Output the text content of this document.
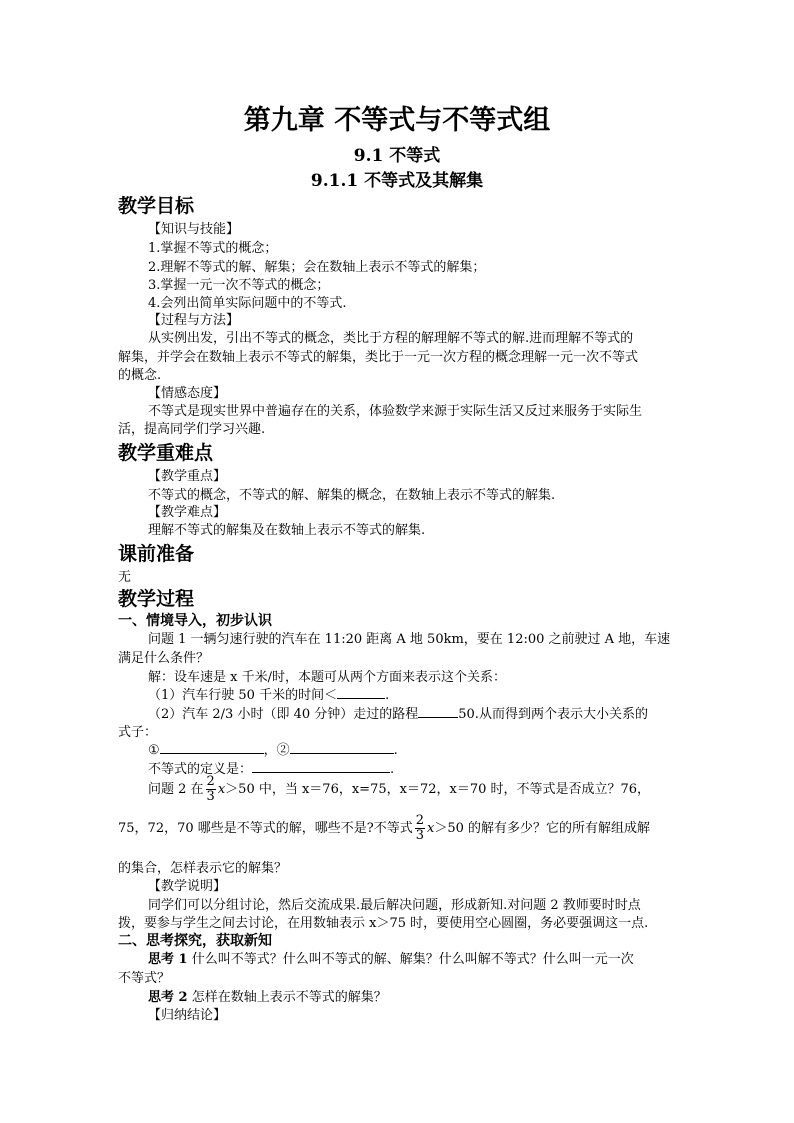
第九章 不等式与不等式组
9.1 不等式
9.1.1 不等式及其解集
教学目标
【知识与技能】
1.掌握不等式的概念；
2.理解不等式的解、解集；会在数轴上表示不等式的解集；
3.掌握一元一次不等式的概念；
4.会列出简单实际问题中的不等式.
【过程与方法】
从实例出发，引出不等式的概念，类比于方程的解理解不等式的解.进而理解不等式的
解集，并学会在数轴上表示不等式的解集，类比于一元一次方程的概念理解一元一次不等式
的概念.
【情感态度】
不等式是现实世界中普遍存在的关系，体验数学来源于实际生活又反过来服务于实际生
活，提高同学们学习兴趣.
教学重难点
【教学重点】
不等式的概念，不等式的解、解集的概念，在数轴上表示不等式的解集.
【教学难点】
理解不等式的解集及在数轴上表示不等式的解集.
课前准备
无
教学过程
一、情境导入，初步认识
问题 1 一辆匀速行驶的汽车在 11:20 距离 A 地 50km，要在 12:00 之前驶过 A 地，车速
满足什么条件？
解：设车速是 x 千米/时，本题可从两个方面来表示这个关系：
（1）汽车行驶 50 千米的时间＜	.
（2）汽车 2/3 小时（即 40 分钟）走过的路程	50.从而得到两个表示大小关系的
式子：
①	，②	.
不等式的定义是：	.
问题 2 在 $\frac{2}{3} x>50$ 中，当 x＝76，x=75，x＝72，x＝70 时，不等式是否成立？76，
75，72，70 哪些是不等式的解，哪些不是?不等式 $\frac{2}{3} x>50$ 的解有多少？它的所有解组成解
的集合，怎样表示它的解集？
【教学说明】
同学们可以分组讨论，然后交流成果.最后解决问题，形成新知.对问题 2 教师要时时点
拨，要参与学生之间去讨论，在用数轴表示 x＞75 时，要使用空心圆圈，务必要强调这一点.
二、思考探究，获取新知
思考 1 什么叫不等式？什么叫不等式的解、解集？什么叫解不等式？什么叫一元一次
不等式？
思考 2 怎样在数轴上表示不等式的解集？
【归纳结论】
